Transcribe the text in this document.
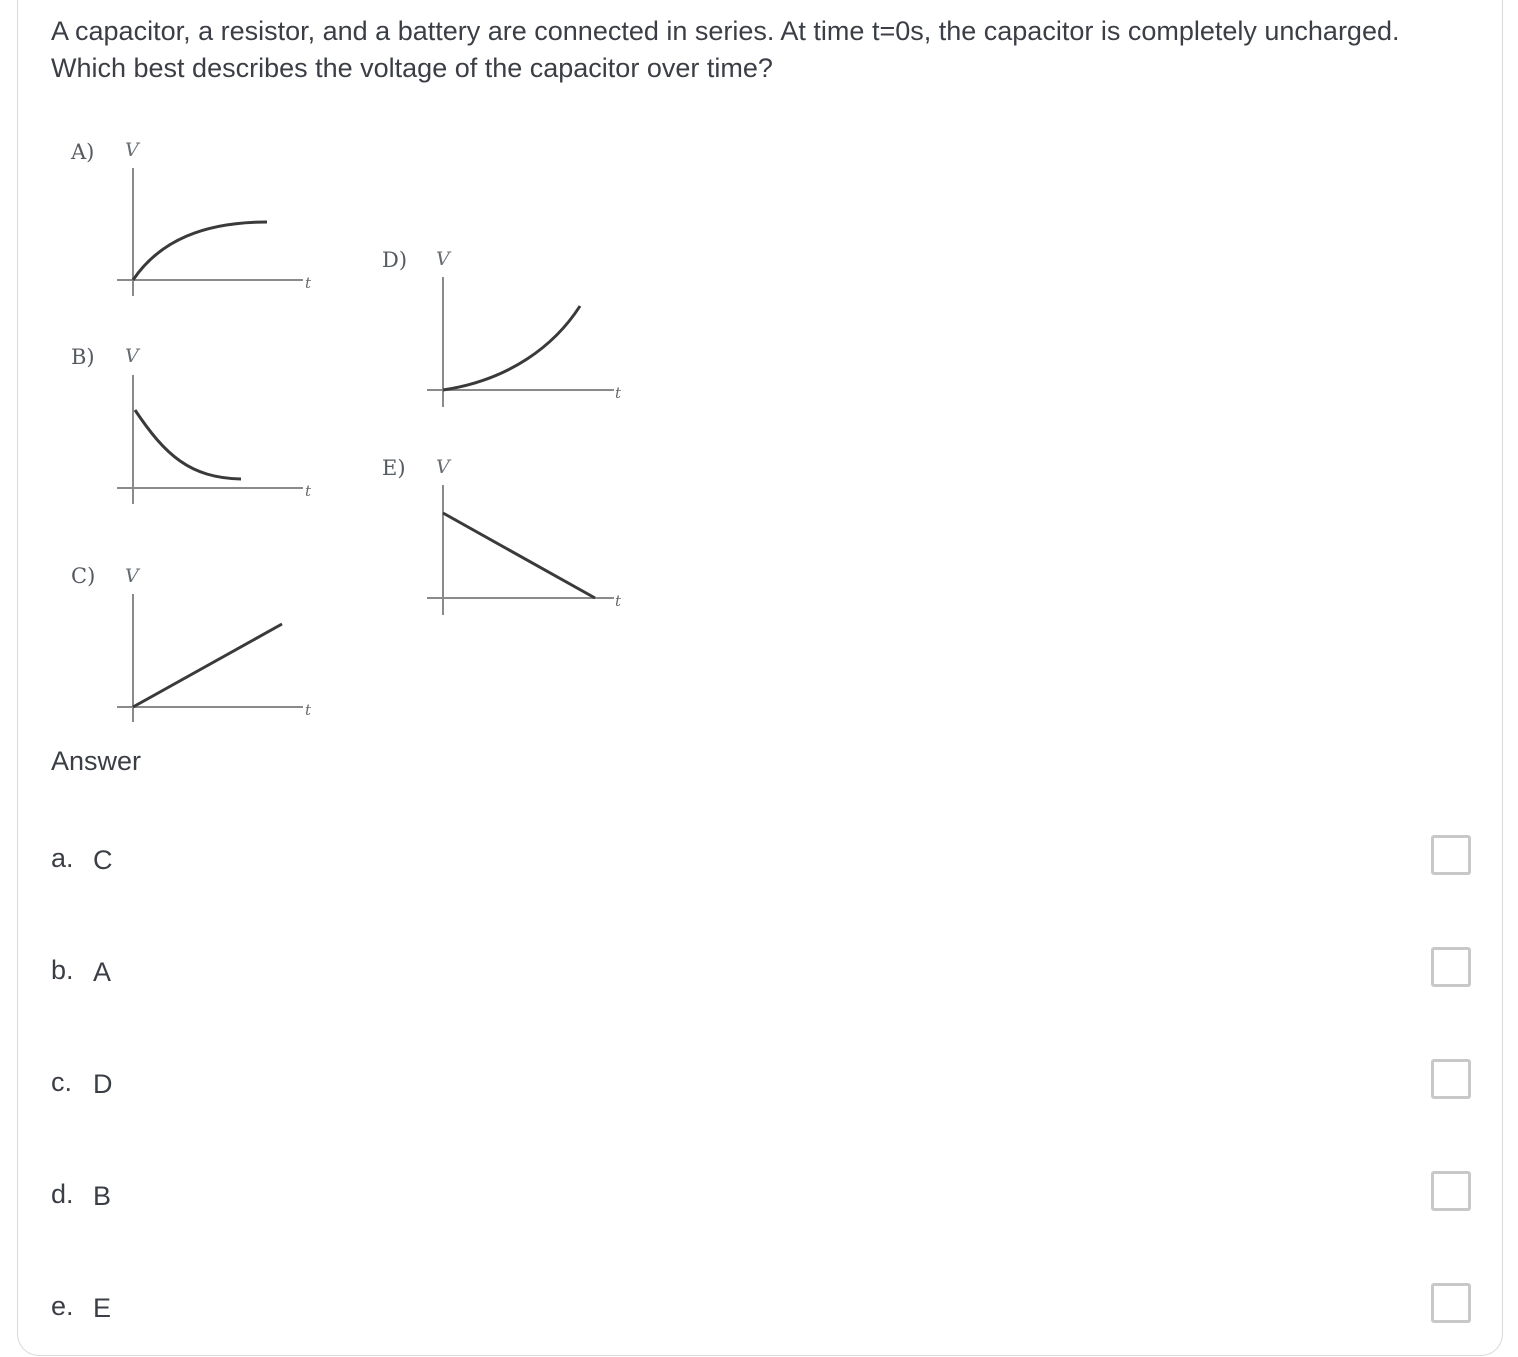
A capacitor, a resistor, and a battery are connected in series. At time t=0s, the capacitor is completely uncharged. Which best describes the voltage of the capacitor over time?

A) V
t
B) V
t
C) V
t
D) V
t
E) V
t
Answer
a. C
b. A
c. D
d. B
e. E
